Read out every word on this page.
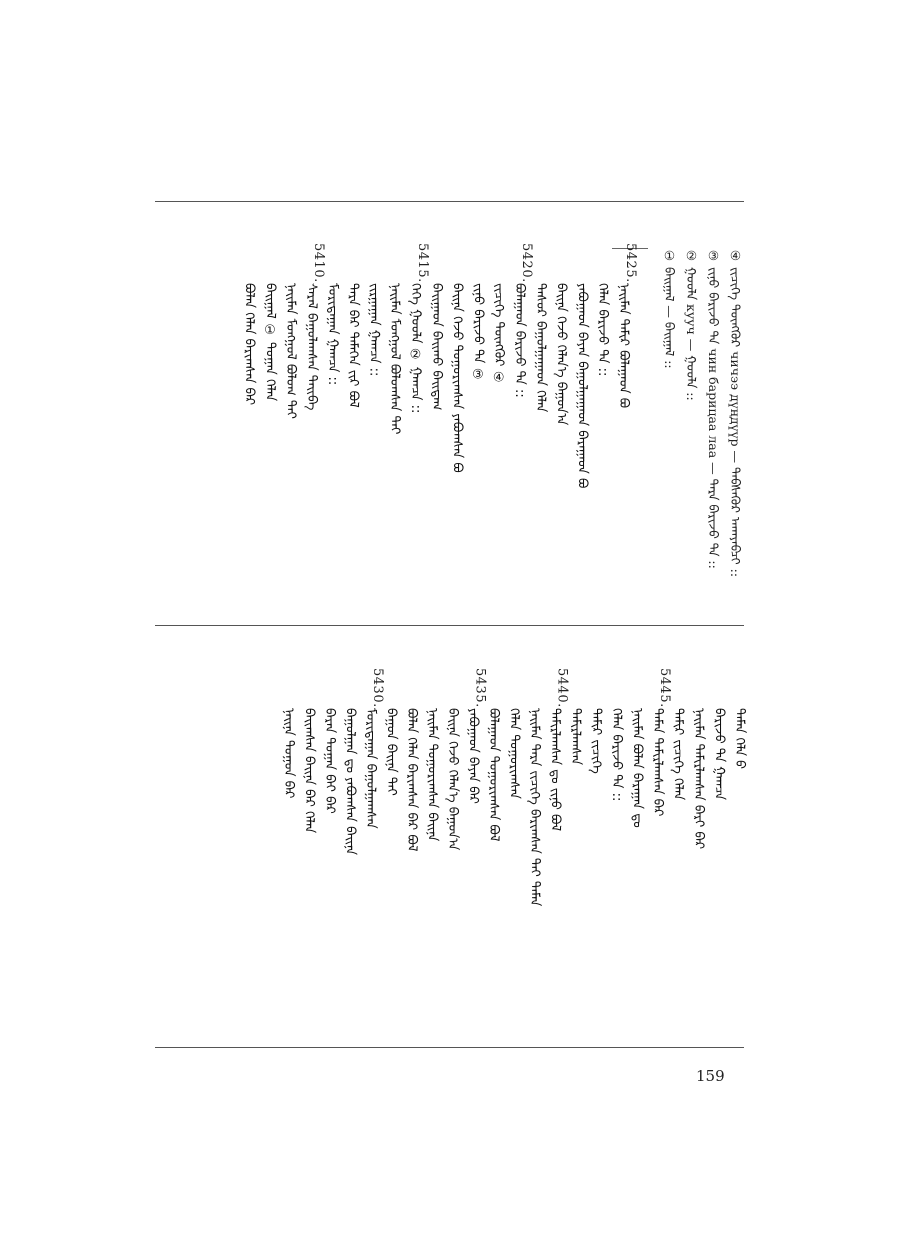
④ ᠵᠢᠴᠢᠭᠡ ᠳᠦᠩᠭᠦᠷ чичээ дүңдүүр — ᠳᠡᠪᠰᠡᠭᠦᠷ ᠋ᠠᠬᠠᠶᠠᠪᠴᠢ ::
③ ᠵᠢᠨᠤ ᠪᠠᠷᠢᠵᠤ ᠲᠡ чин барицаа лаа — ᠲᠡᠷᠡ ᠪᠠᠷᠢᠵᠤ ᠲᠡ ::
② ᠭᠣᠣᠯᠠ кууч — ᠭᠣᠣᠯᠠ ::
① ᠪᠠᠢᠭᠠᠯ — ᠪᠠᠢᠭᠠᠯ ::
5425.
ᠨᠠᠢᠮᠠᠨ ᠲᠠᠮᠢᠷ ᠪᠣᠯᠠᠭᠠᠳ ᠪᠣ
ᠬᠡᠯᠡᠨ ᠪᠠᠷᠢᠵᠤ ᠲᠡ ::
ᠶᠠᠪᠤᠭᠠᠳ ᠪᠡᠶᠡᠨ ᠪᠠᠭᠤᠯᠭᠠᠭᠠᠳ ᠪᠠᠷᠠᠭᠠᠳ ᠪᠣ
ᠪᠠᠢᠨᠠ ᠭᠡᠵᠦ ᠬᠡᠯᠡᠨ᠎ᠡ ᠪᠠᠭᠤᠨ᠎ᠠ
ᠲᠠᠰᠤᠷ ᠪᠠᠭᠤᠯᠭᠠᠭᠠᠳ ᠬᠡᠯᠡᠨ
5420.
ᠪᠣᠯᠠᠭᠠᠳ ᠪᠠᠷᠢᠵᠤ ᠲᠡ ::
ᠵᠢᠴᠢᠭᠡ ᠳᠦᠩᠭᠦᠷ ④
ᠵᠢᠨᠤ ᠪᠠᠷᠢᠵᠤ ᠲᠡ ③
ᠪᠠᠢᠨᠠ ᠭᠡᠵᠦ ᠲᠣᠭᠣᠷᠢᠭᠰᠠᠨ ᠶᠠᠪᠤᠭᠰᠠᠨ ᠪᠣ
ᠪᠠᠢᠭᠠᠳ ᠪᠠᠢᠬᠤ ᠪᠠᠢᠳᠠᠭ
5415.
ᠬᠡᠬᠡ ᠭᠣᠣᠯᠠ ② ᠭᠠᠭᠴᠠ ::
ᠨᠠᠢᠮᠠᠨ ᠮᠣᠩᠭᠣᠯ ᠪᠣᠯᠣᠭᠰᠠᠨ ᠲᠠᠢ
ᠵᠢᠷᠭᠠᠭᠠᠨ ᠭᠠᠭᠴᠠ ::
ᠲᠡᠷᠡ ᠪᠡᠷ ᠲᠡᠮᠡᠭᠡᠨ ᠵᠢᠷ ᠪᠣᠯ
ᠮᠣᠷᠢᠳᠠᠭᠠᠨ ᠭᠠᠭᠴᠠ ::
5410.
ᠰᠠᠷᠠᠯ ᠪᠠᠭᠤᠯᠠᠭᠰᠠᠨ ᠲᠠᠢᠪᠠ
ᠨᠠᠢᠮᠠᠨ ᠮᠣᠩᠭᠣᠯ ᠪᠣᠯᠣᠭ ᠲᠠᠢ
ᠪᠠᠢᠭᠠᠯ ① ᠲᠣᠭᠠᠨ ᠬᠡᠯᠡᠨ
ᠪᠣᠯᠠᠨ ᠬᠡᠯᠡᠨ ᠪᠠᠷᠢᠭᠰᠠᠨ ᠪᠡᠷ
ᠲᠡᠮᠡᠨ ᠬᠡᠯᠡ ᠪ
ᠪᠠᠷᠢᠵᠤ ᠲᠡ ᠭᠠᠭᠴᠠ
ᠨᠠᠢᠮᠠᠨ ᠲᠠᠮᠢᠷᠯᠠᠭᠰᠠᠨ ᠪᠠᠷᠢ ᠪᠡᠷ
ᠲᠠᠮᠢᠷ ᠵᠢᠴᠢᠭᠡ ᠬᠡᠯᠡᠨ
5445.
ᠲᠡᠮᠡᠨ ᠲᠠᠮᠢᠷᠯᠠᠭᠰᠠᠨ ᠪᠡᠷ
ᠨᠠᠢᠮᠠᠨ ᠪᠣᠯᠠᠨ ᠪᠠᠷᠠᠭᠠᠨ ᠳᠤ
ᠬᠡᠯᠡᠨ ᠪᠠᠷᠢᠵᠤ ᠲᠡ ::
ᠲᠠᠮᠢᠷ ᠵᠢᠴᠢᠭᠡ
ᠲᠠᠮᠢᠷᠯᠠᠭᠰᠠᠨ
5440.
ᠲᠠᠮᠢᠷᠯᠠᠭᠰᠠᠨ ᠳᠤ ᠵᠢᠨᠤ ᠪᠣᠯ
ᠨᠠᠢᠮᠠᠨ ᠲᠡᠷᠡ ᠵᠢᠴᠢᠭᠡ ᠪᠠᠷᠢᠭᠰᠠᠨ ᠲᠠᠢ ᠲᠡᠮᠡᠨ
ᠬᠡᠯᠡᠨ ᠲᠣᠭᠣᠷᠢᠭᠰᠠᠨ
ᠪᠣᠯᠠᠭᠠᠳ ᠲᠣᠭᠣᠷᠢᠭᠰᠠᠨ ᠪᠣᠯ
5435.
ᠶᠠᠪᠤᠭᠠᠳ ᠪᠡᠶᠡᠨ ᠪᠡᠷ
ᠪᠠᠢᠨᠠ ᠭᠡᠵᠦ ᠬᠡᠯᠡᠨ᠎ᠡ ᠪᠠᠭᠤᠨ᠎ᠠ
ᠨᠠᠢᠮᠠᠨ ᠲᠣᠭᠣᠷᠢᠭᠰᠠᠨ ᠪᠠᠢᠨᠠ
ᠪᠣᠯᠠᠨ ᠬᠡᠯᠡᠨ ᠪᠠᠷᠢᠭᠰᠠᠨ ᠪᠡᠷ ᠪᠣᠯ
ᠪᠠᠭᠤᠨ ᠪᠠᠢᠨᠠ ᠲᠠᠢ
5430.
ᠮᠣᠷᠢᠳᠠᠭᠠᠨ ᠪᠠᠭᠤᠯᠭᠠᠭᠰᠠᠨ
ᠪᠠᠭᠤᠯᠭᠠᠨ ᠳᠤ ᠶᠠᠪᠤᠭᠰᠠᠨ ᠪᠠᠢᠨᠠ
ᠪᠠᠷᠠᠨ ᠲᠣᠭᠠᠨ ᠪᠠᠢ ᠪᠡᠷ
ᠪᠠᠢᠭᠰᠠᠨ ᠪᠠᠢᠨᠠ ᠪᠡᠷ ᠬᠡᠯᠡᠨ
ᠨᠠᠢᠨᠠ ᠲᠣᠭᠣᠨ ᠪᠡᠷ
159
